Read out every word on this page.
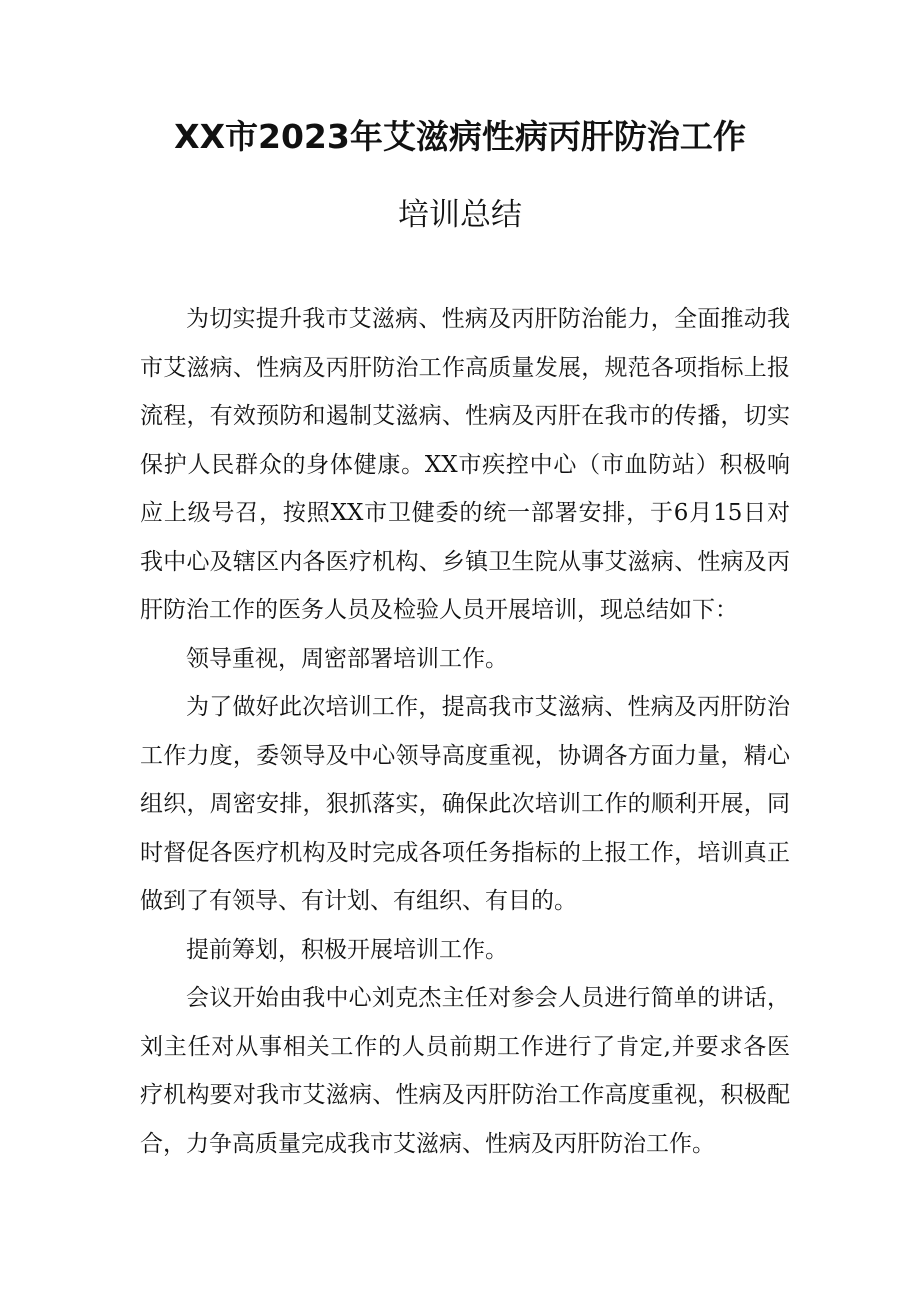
XX市2023年艾滋病性病丙肝防治工作
培训总结

为切实提升我市艾滋病、性病及丙肝防治能力，全面推动我市艾滋病、性病及丙肝防治工作高质量发展，规范各项指标上报流程，有效预防和遏制艾滋病、性病及丙肝在我市的传播，切实保护人民群众的身体健康。XX市疾控中心（市血防站）积极响应上级号召，按照XX市卫健委的统一部署安排，于6月15日对我中心及辖区内各医疗机构、乡镇卫生院从事艾滋病、性病及丙肝防治工作的医务人员及检验人员开展培训，现总结如下：

领导重视，周密部署培训工作。

为了做好此次培训工作，提高我市艾滋病、性病及丙肝防治工作力度，委领导及中心领导高度重视，协调各方面力量，精心组织，周密安排，狠抓落实，确保此次培训工作的顺利开展，同时督促各医疗机构及时完成各项任务指标的上报工作，培训真正做到了有领导、有计划、有组织、有目的。

提前筹划，积极开展培训工作。

会议开始由我中心刘克杰主任对参会人员进行简单的讲话，刘主任对从事相关工作的人员前期工作进行了肯定,并要求各医疗机构要对我市艾滋病、性病及丙肝防治工作高度重视，积极配合，力争高质量完成我市艾滋病、性病及丙肝防治工作。
